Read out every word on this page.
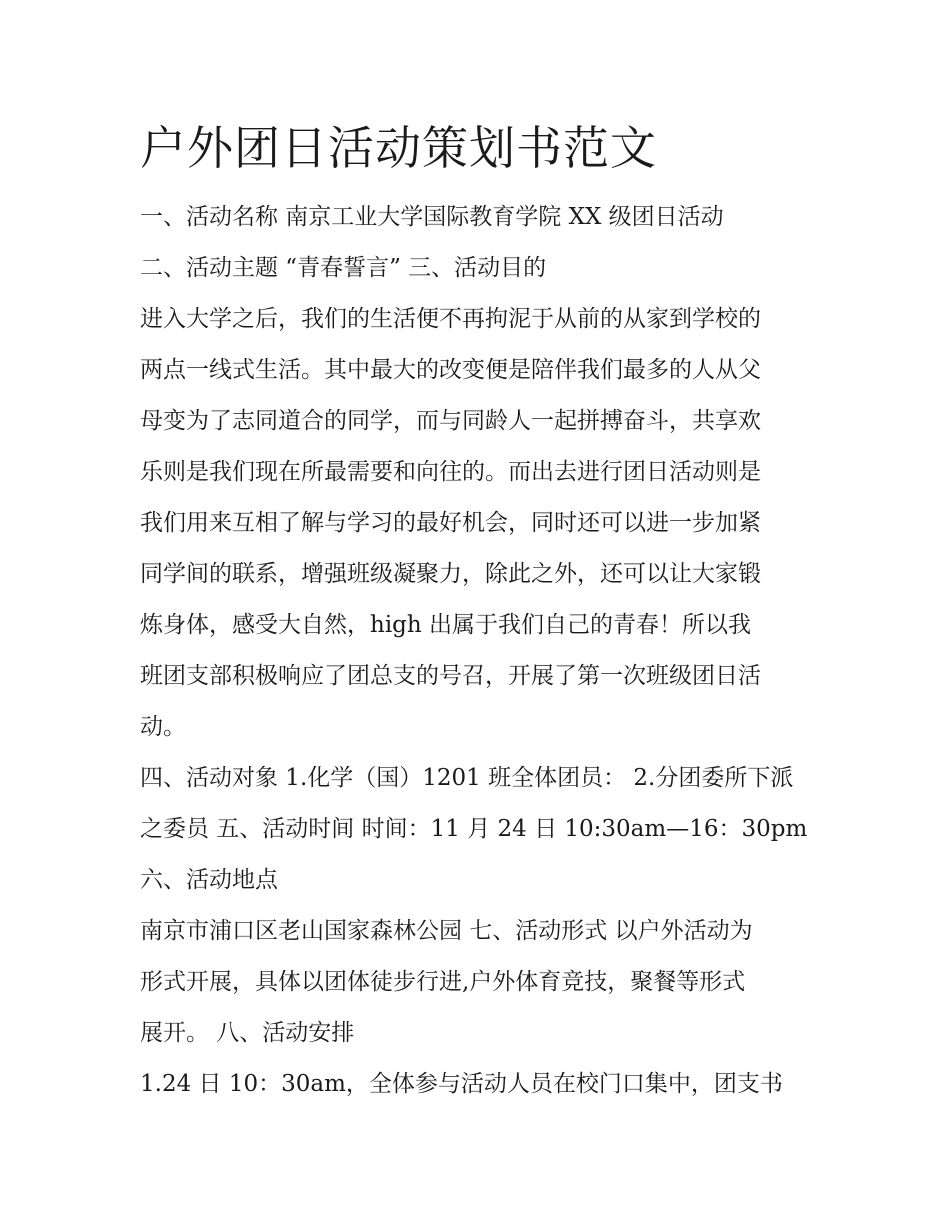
户外团日活动策划书范文
一、活动名称 南京工业大学国际教育学院 XX 级团日活动
二、活动主题 “青春誓言” 三、活动目的
进入大学之后，我们的生活便不再拘泥于从前的从家到学校的
两点一线式生活。其中最大的改变便是陪伴我们最多的人从父
母变为了志同道合的同学，而与同龄人一起拼搏奋斗，共享欢
乐则是我们现在所最需要和向往的。而出去进行团日活动则是
我们用来互相了解与学习的最好机会，同时还可以进一步加紧
同学间的联系，增强班级凝聚力，除此之外，还可以让大家锻
炼身体，感受大自然，high 出属于我们自己的青春！所以我
班团支部积极响应了团总支的号召，开展了第一次班级团日活
动。
四、活动对象 1.化学（国）1201 班全体团员： 2.分团委所下派
之委员 五、活动时间 时间：11 月 24 日 10:30am—16：30pm
六、活动地点
南京市浦口区老山国家森林公园 七、活动形式 以户外活动为
形式开展，具体以团体徒步行进,户外体育竞技，聚餐等形式
展开。 八、活动安排
1.24 日 10：30am，全体参与活动人员在校门口集中，团支书
